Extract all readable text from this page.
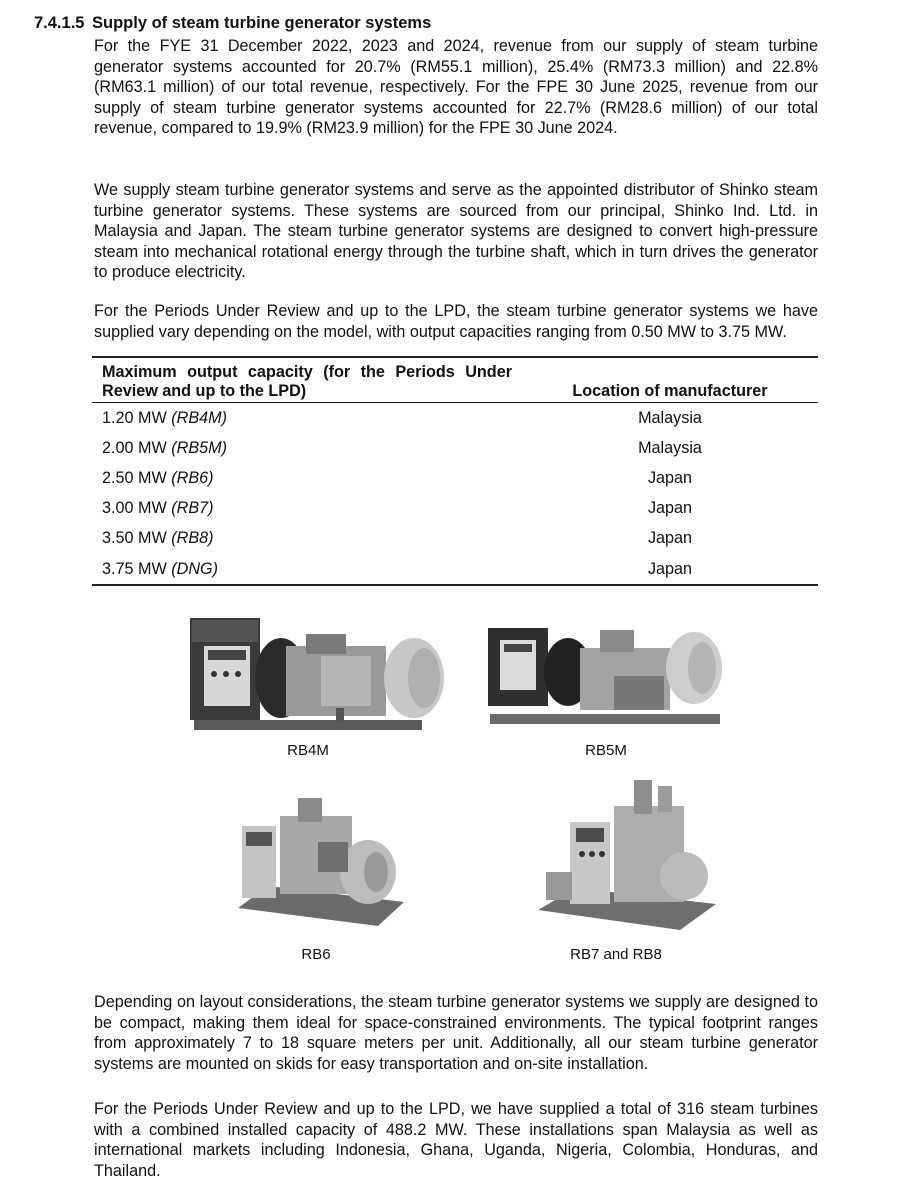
7.4.1.5 Supply of steam turbine generator systems

For the FYE 31 December 2022, 2023 and 2024, revenue from our supply of steam turbine generator systems accounted for 20.7% (RM55.1 million), 25.4% (RM73.3 million) and 22.8% (RM63.1 million) of our total revenue, respectively. For the FPE 30 June 2025, revenue from our supply of steam turbine generator systems accounted for 22.7% (RM28.6 million) of our total revenue, compared to 19.9% (RM23.9 million) for the FPE 30 June 2024.

We supply steam turbine generator systems and serve as the appointed distributor of Shinko steam turbine generator systems. These systems are sourced from our principal, Shinko Ind. Ltd. in Malaysia and Japan. The steam turbine generator systems are designed to convert high-pressure steam into mechanical rotational energy through the turbine shaft, which in turn drives the generator to produce electricity.

For the Periods Under Review and up to the LPD, the steam turbine generator systems we have supplied vary depending on the model, with output capacities ranging from 0.50 MW to 3.75 MW.

Maximum output capacity (for the Periods Under Review and up to the LPD)	Location of manufacturer
1.20 MW (RB4M)	Malaysia
2.00 MW (RB5M)	Malaysia
2.50 MW (RB6)	Japan
3.00 MW (RB7)	Japan
3.50 MW (RB8)	Japan
3.75 MW (DNG)	Japan
RB4M	RB5M
RB6	RB7 and RB8

Depending on layout considerations, the steam turbine generator systems we supply are designed to be compact, making them ideal for space-constrained environments. The typical footprint ranges from approximately 7 to 18 square meters per unit. Additionally, all our steam turbine generator systems are mounted on skids for easy transportation and on-site installation.

For the Periods Under Review and up to the LPD, we have supplied a total of 316 steam turbines with a combined installed capacity of 488.2 MW. These installations span Malaysia as well as international markets including Indonesia, Ghana, Uganda, Nigeria, Colombia, Honduras, and Thailand.
